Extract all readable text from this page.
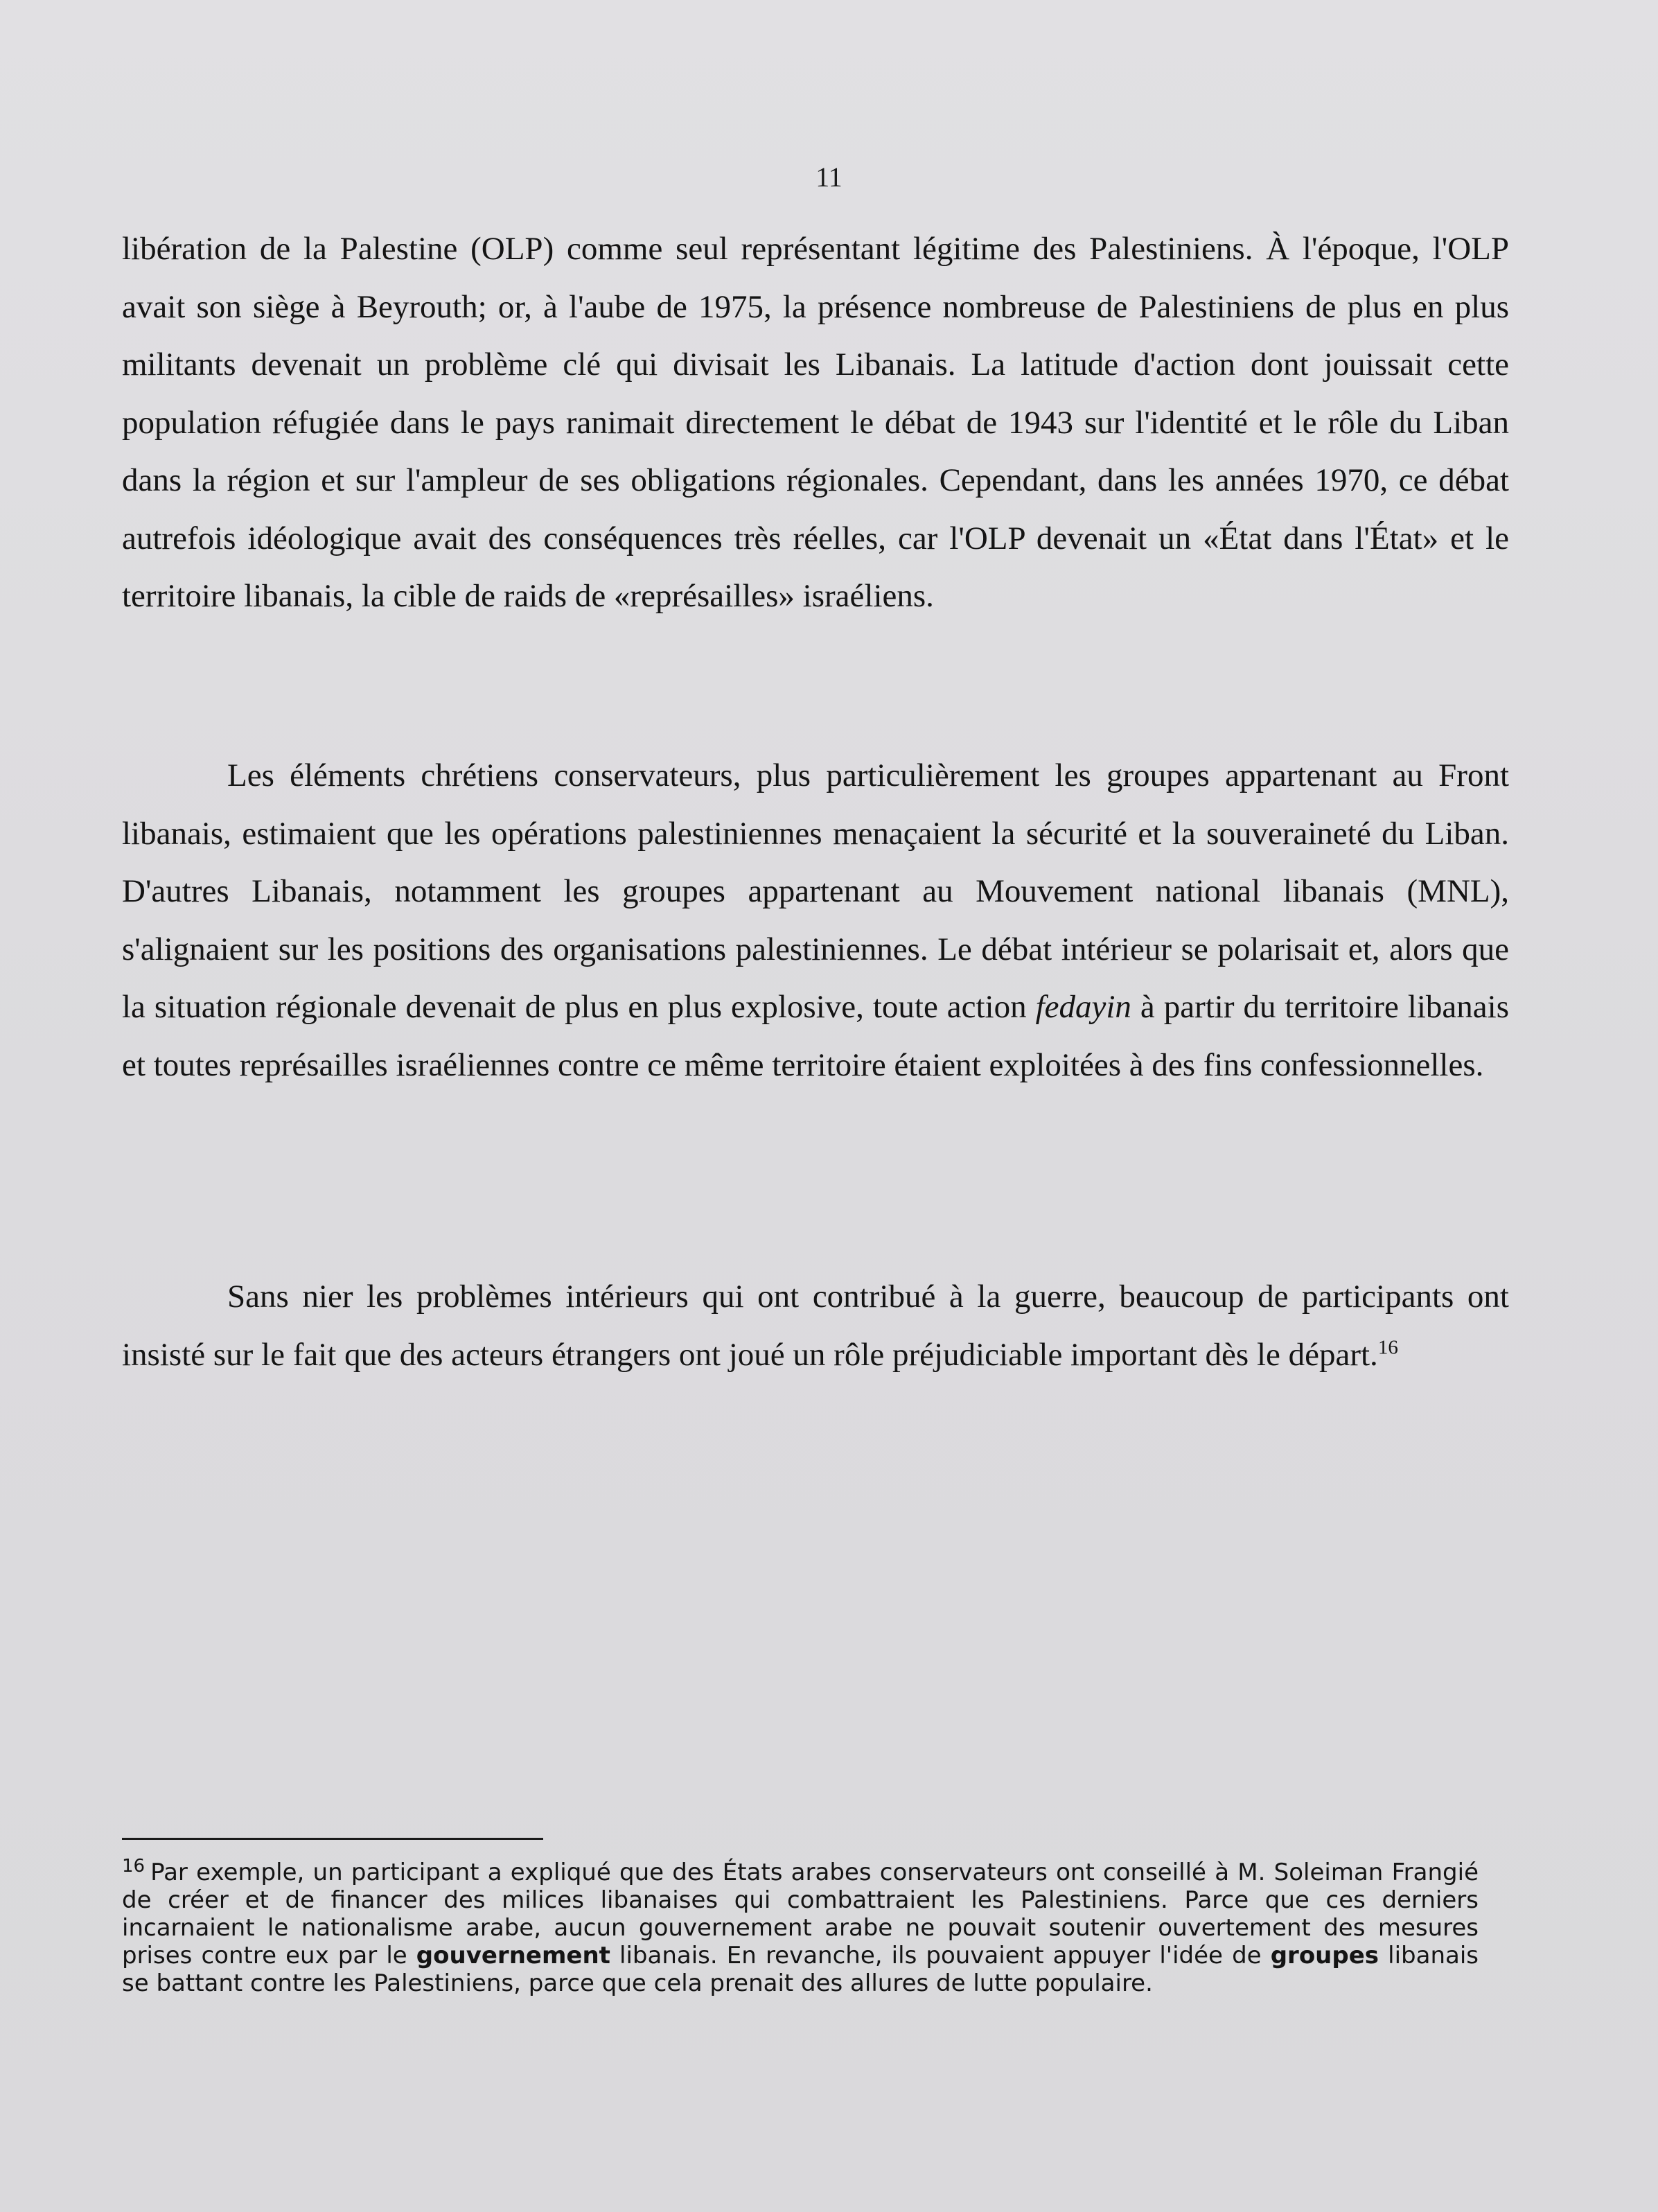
11

libération de la Palestine (OLP) comme seul représentant légitime des Palestiniens. À l'époque, l'OLP avait son siège à Beyrouth; or, à l'aube de 1975, la présence nombreuse de Palestiniens de plus en plus militants devenait un problème clé qui divisait les Libanais. La latitude d'action dont jouissait cette population réfugiée dans le pays ranimait directement le débat de 1943 sur l'identité et le rôle du Liban dans la région et sur l'ampleur de ses obligations régionales. Cependant, dans les années 1970, ce débat autrefois idéologique avait des conséquences très réelles, car l'OLP devenait un «État dans l'État» et le territoire libanais, la cible de raids de «représailles» israéliens.

Les éléments chrétiens conservateurs, plus particulièrement les groupes appartenant au Front libanais, estimaient que les opérations palestiniennes menaçaient la sécurité et la souveraineté du Liban. D'autres Libanais, notamment les groupes appartenant au Mouvement national libanais (MNL), s'alignaient sur les positions des organisations palestiniennes. Le débat intérieur se polarisait et, alors que la situation régionale devenait de plus en plus explosive, toute action fedayin à partir du territoire libanais et toutes représailles israéliennes contre ce même territoire étaient exploitées à des fins confessionnelles.

Sans nier les problèmes intérieurs qui ont contribué à la guerre, beaucoup de participants ont insisté sur le fait que des acteurs étrangers ont joué un rôle préjudiciable important dès le départ.$^{16}$

$^{16}$ Par exemple, un participant a expliqué que des États arabes conservateurs ont conseillé à M. Soleiman Frangié de créer et de financer des milices libanaises qui combattraient les Palestiniens. Parce que ces derniers incarnaient le nationalisme arabe, aucun gouvernement arabe ne pouvait soutenir ouvertement des mesures prises contre eux par le gouvernement libanais. En revanche, ils pouvaient appuyer l'idée de groupes libanais se battant contre les Palestiniens, parce que cela prenait des allures de lutte populaire.
